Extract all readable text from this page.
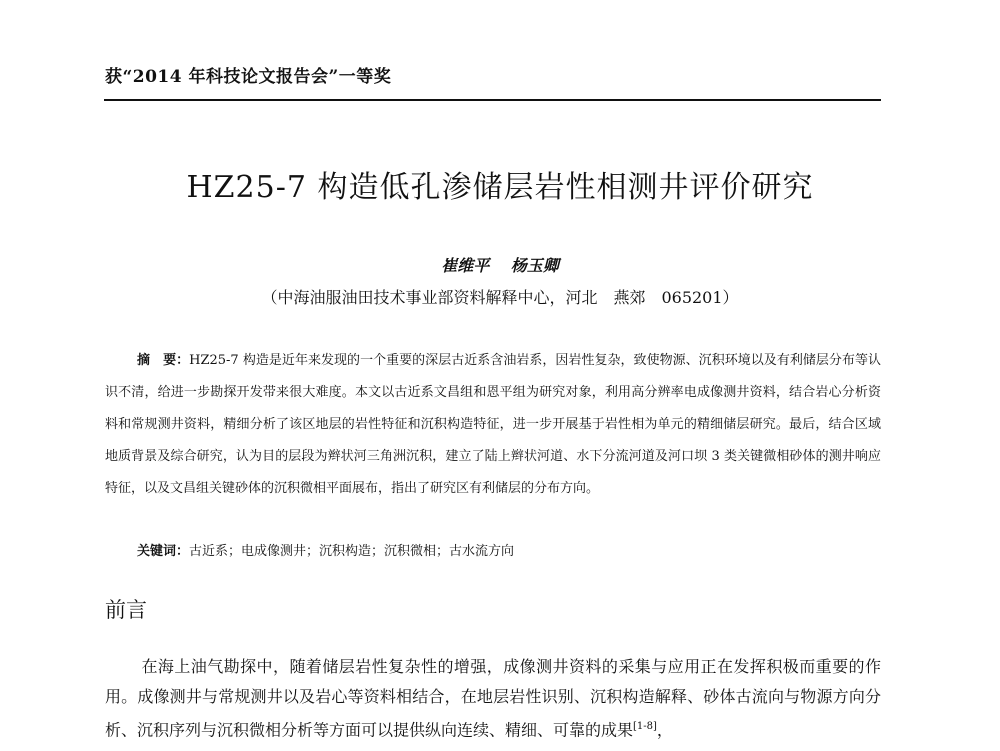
获“2014 年科技论文报告会”一等奖
HZ25-7 构造低孔渗储层岩性相测井评价研究
崔维平 杨玉卿
（中海油服油田技术事业部资料解释中心，河北　燕郊　065201）
摘　要：HZ25-7 构造是近年来发现的一个重要的深层古近系含油岩系，因岩性复杂，致使物源、沉积环境以及有利储层分布等认识不清，给进一步勘探开发带来很大难度。本文以古近系文昌组和恩平组为研究对象，利用高分辨率电成像测井资料，结合岩心分析资料和常规测井资料，精细分析了该区地层的岩性特征和沉积构造特征，进一步开展基于岩性相为单元的精细储层研究。最后，结合区域地质背景及综合研究，认为目的层段为辫状河三角洲沉积，建立了陆上辫状河道、水下分流河道及河口坝 3 类关键微相砂体的测井响应特征，以及文昌组关键砂体的沉积微相平面展布，指出了研究区有利储层的分布方向。
关键词：古近系；电成像测井；沉积构造；沉积微相；古水流方向
前言
在海上油气勘探中，随着储层岩性复杂性的增强，成像测井资料的采集与应用正在发挥积极而重要的作用。成像测井与常规测井以及岩心等资料相结合，在地层岩性识别、沉积构造解释、砂体古流向与物源方向分析、沉积序列与沉积微相分析等方面可以提供纵向连续、精细、可靠的成果[1-8]，
